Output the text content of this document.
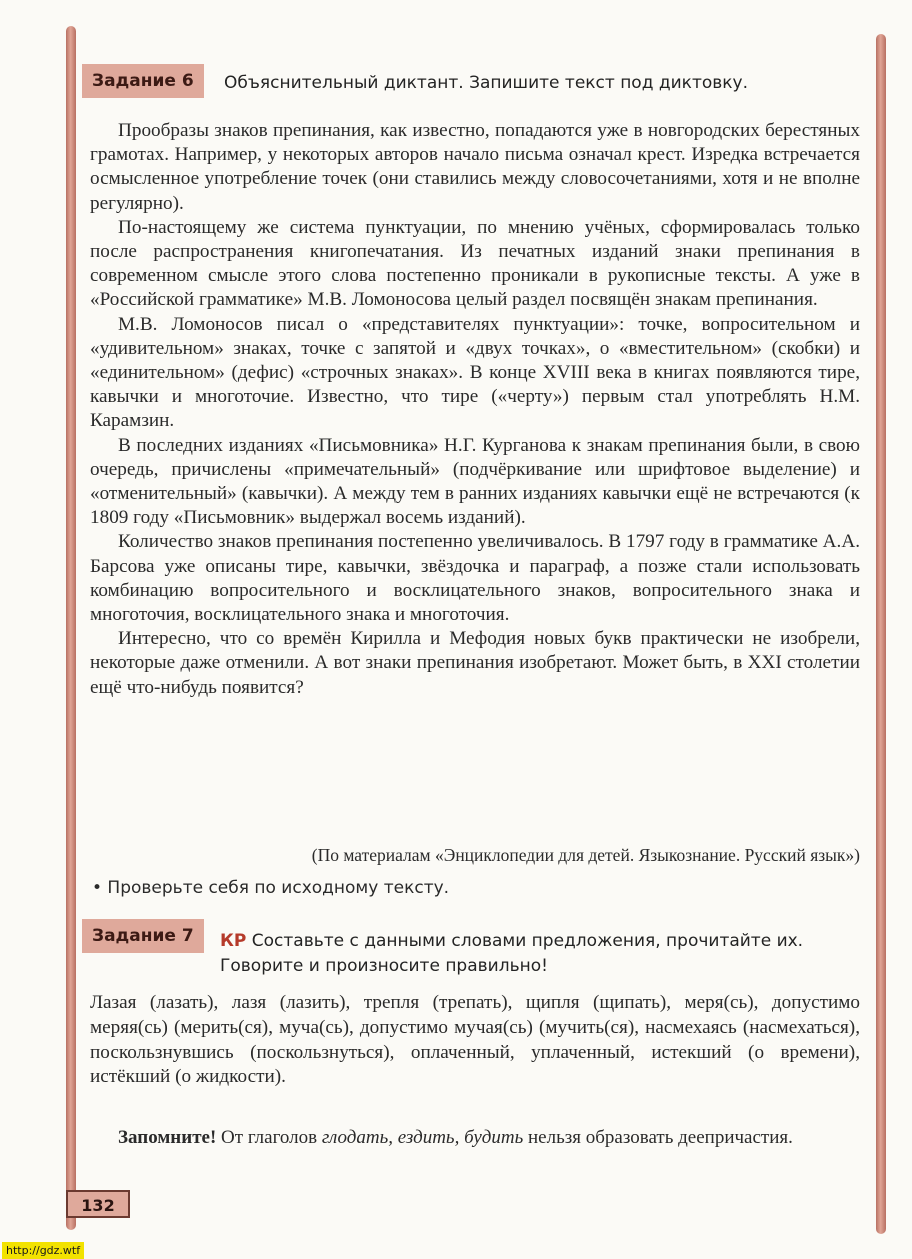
Задание 6	Объяснительный диктант. Запишите текст под диктовку.

Прообразы знаков препинания, как известно, попадаются уже в новгородских берестяных грамотах. Например, у некоторых авторов начало письма означал крест. Изредка встречается осмысленное употребление точек (они ставились между словосочетаниями, хотя и не вполне регулярно).

По-настоящему же система пунктуации, по мнению учёных, сформировалась только после распространения книгопечатания. Из печатных изданий знаки препинания в современном смысле этого слова постепенно проникали в рукописные тексты. А уже в «Российской грамматике» М.В. Ломоносова целый раздел посвящён знакам препинания.

М.В. Ломоносов писал о «представителях пунктуации»: точке, вопросительном и «удивительном» знаках, точке с запятой и «двух точках», о «вместительном» (скобки) и «единительном» (дефис) «строчных знаках». В конце XVIII века в книгах появляются тире, кавычки и многоточие. Известно, что тире («черту») первым стал употреблять Н.М. Карамзин.

В последних изданиях «Письмовника» Н.Г. Курганова к знакам препинания были, в свою очередь, причислены «примечательный» (подчёркивание или шрифтовое выделение) и «отменительный» (кавычки). А между тем в ранних изданиях кавычки ещё не встречаются (к 1809 году «Письмовник» выдержал восемь изданий).

Количество знаков препинания постепенно увеличивалось. В 1797 году в грамматике А.А. Барсова уже описаны тире, кавычки, звёздочка и параграф, а позже стали использовать комбинацию вопросительного и восклицательного знаков, вопросительного знака и многоточия, восклицательного знака и многоточия.

Интересно, что со времён Кирилла и Мефодия новых букв практически не изобрели, некоторые даже отменили. А вот знаки препинания изобретают. Может быть, в XXI столетии ещё что-нибудь появится?

(По материалам «Энциклопедии для детей. Языкознание. Русский язык»)
• Проверьте себя по исходному тексту.
Задание 7	КР Составьте с данными словами предложения, прочитайте их.
Говорите и произносите правильно!

Лазая (лазать), лазя (лазить), трепля (трепать), щипля (щипать), меря(сь), допустимо меряя(сь) (мерить(ся), муча(сь), допустимо мучая(сь) (мучить(ся), насмехаясь (насмехаться), поскользнувшись (поскользнуться), оплаченный, уплаченный, истекший (о времени), истёкший (о жидкости).

Запомните! От глаголов глодать, ездить, будить нельзя образовать деепричастия.

132
http://gdz.wtf
